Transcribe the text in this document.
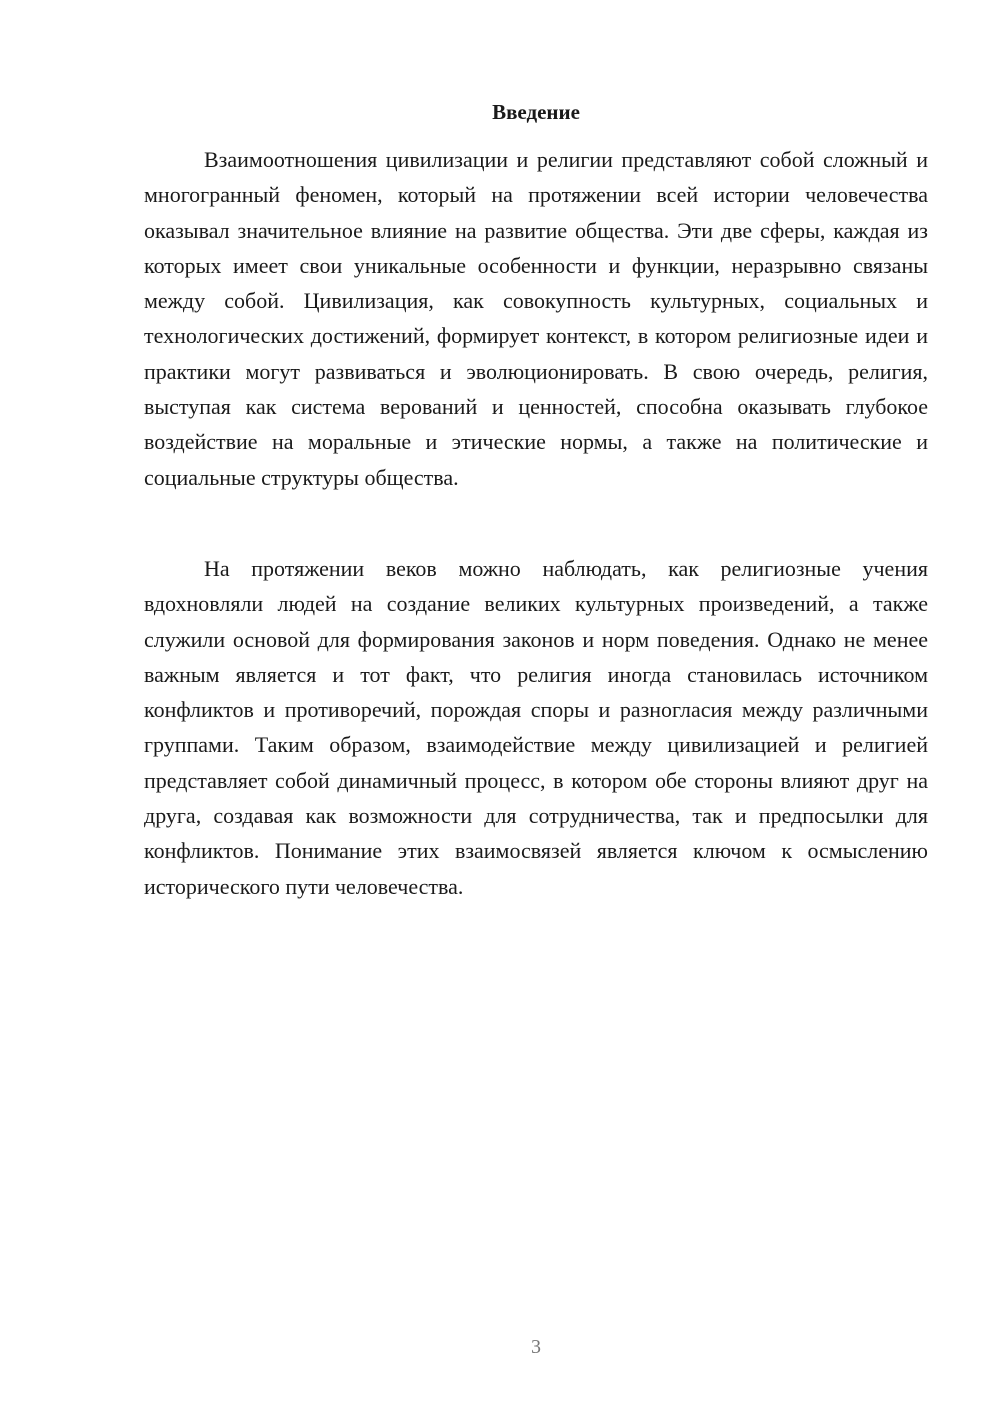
Введение

Взаимоотношения цивилизации и религии представляют собой сложный и многогранный феномен, который на протяжении всей истории человечества оказывал значительное влияние на развитие общества. Эти две сферы, каждая из которых имеет свои уникальные особенности и функции, неразрывно связаны между собой. Цивилизация, как совокупность культурных, социальных и технологических достижений, формирует контекст, в котором религиозные идеи и практики могут развиваться и эволюционировать. В свою очередь, религия, выступая как система верований и ценностей, способна оказывать глубокое воздействие на моральные и этические нормы, а также на политические и социальные структуры общества.

На протяжении веков можно наблюдать, как религиозные учения вдохновляли людей на создание великих культурных произведений, а также служили основой для формирования законов и норм поведения. Однако не менее важным является и тот факт, что религия иногда становилась источником конфликтов и противоречий, порождая споры и разногласия между различными группами. Таким образом, взаимодействие между цивилизацией и религией представляет собой динамичный процесс, в котором обе стороны влияют друг на друга, создавая как возможности для сотрудничества, так и предпосылки для конфликтов. Понимание этих взаимосвязей является ключом к осмыслению исторического пути человечества.

3
